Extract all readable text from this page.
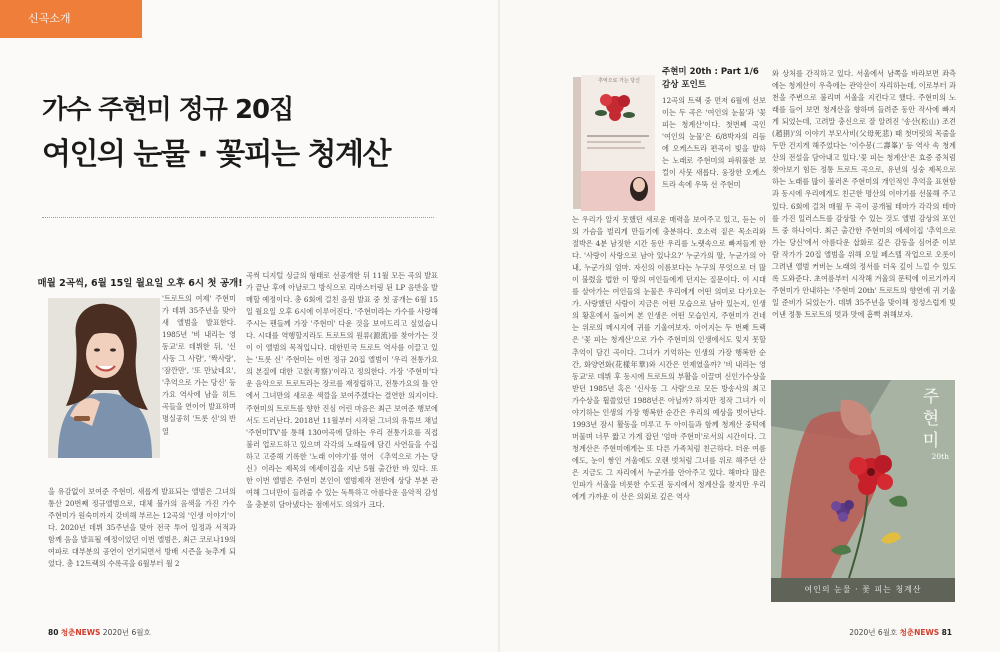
신곡소개
가수 주현미 정규 20집
여인의 눈물 · 꽃피는 청계산
매월 2곡씩, 6월 15일 월요일 오후 6시 첫 공개!
'트로트의 여제' 주현미가 데뷔 35주년을 맞아 새 앨범을 발표한다. 1985년 '비 내리는 영동교'로 데뷔한 뒤, '신사동 그 사람', '짝사랑', '잠깐만', '또 만났네요', '추억으로 가는 당신' 등 가요 역사에 남을 히트곡들을 연이어 발표하며 명실공히 '트롯 신'의 반열
을 유감없이 보여준 주현미. 새롭게 발표되는 앨범은 그녀의 통산 20번째 정규앨범으로, 대체 불가의 음색을 가진 가수 주현미가 원숙미까지 갖비해 부르는 12곡의 '인생 이야기'이다. 2020년 데뷔 35주년을 맞아 전국 투어 일정과 서적과 함께 음을 발표될 예정이었던 이번 앨범은, 최근 코로나19의 여파로 대부분의 공연이 연기되면서 방배 시즌을 늦추게 되었다. 총 12트랙의 수록곡을 6월부터 월 2
곡씩 디지털 싱글의 형태로 선공개한 뒤 11월 모든 곡의 발표가 끝난 후에 아날로그 방식으로 리마스터링 된 LP 음반을 발매할 예정이다. 총 6회에 걸친 음원 발표 중 첫 공개는 6월 15일 월요일 오후 6시에 이루어진다. '주현미라는 가수를 사랑해 주시는 팬들께 가장 '주현미' 다운 것을 보여드리고 싶었습니다. 시대를 역행할지라도 트로트의 원류(源流)를 찾아가는 것이 이 앨범의 목적입니다. 대한민국 트로트 역사를 이끌고 있는 '트롯 신' 주현미는 이번 정규 20집 앨범이 '우리 전통가요의 본질에 대한 고찰(考察)'이라고 정의한다. 가장 '주현미'다운 음악으로 트로트라는 장르를 재정립하고, 전통가요의 틀 안에서 그녀만의 새로운 색깔을 보여주겠다는 결연한 의지이다. 주현미의 트로트를 향한 진심 어린 마음은 최근 보여준 행보에서도 드러난다. 2018년 11월부터 시작된 그녀의 유튜브 채널 '주현미TV'를 통해 130여곡에 달하는 우리 전통가요를 직접 불러 업로드하고 있으며 각각의 노래들에 담긴 사연들을 수집하고 고증해 기록한 '노래 이야기'를 엮어 《추억으로 가는 당신》이라는 제목의 에세이집을 지난 5월 출간한 바 있다. 또한 이번 앨범은 주현미 본인이 앨범제작 전반에 상당 부분 관여해 그녀만이 들려줄 수 있는 독특하고 아름다운 음악적 감성을 충분히 담아냈다는 점에서도 의의가 크다.
80 청춘NEWS 2020년 6월호
추억으로 가는 당신
주현미 20th : Part 1/6 감상 포인트
12곡의 트랙 중 먼저 6월에 선보이는 두 곡은 '여인의 눈물'과 '꽃 피는 청계산'이다. 첫번째 곡인 '여인의 눈물'은 6/8박자의 리듬에 오케스트라 편곡이 빛을 발하는 노래로 주현미의 파워풀한 보컬이 사뭇 새롭다. 웅장한 오케스트라 속에 우뚝 선 주현미
는 우리가 알지 못했던 새로운 매력을 보여주고 있고, 듣는 이의 가슴을 벌리게 만들기에 충분하다. 호소력 짙은 목소리와 절박은 4분 남짓한 시간 동안 우리를 노랫속으로 빠져들게 한다. '사랑이 사랑으로 남아 있나요?' 누군가의 딸, 누군가의 아내, 누군가의 엄마. 자신의 이름보다는 누구의 무엇으로 더 많이 불렸을 법한 이 땅의 여인들에게 던지는 질문이다. 이 시대를 살아가는 여인들의 눈물은 우리에게 어떤 의미로 다가오는가. 사랑했던 사람이 지금은 어떤 모습으로 남아 있는지, 인생의 황혼에서 돌이켜 본 인생은 어떤 모습인지, 주현미가 건네는 위로의 메시지에 귀를 기울여보자. 이어지는 두 번째 트랙은 '꽃 피는 청계산'으로 가수 주현미의 인생에서도 잊지 못할 추억이 담긴 곡이다. 그녀가 기억하는 인생의 가장 행복한 순간, 화양연화(花樣年華)와 시간은 언제였을까? '비 내리는 영동교'로 데뷔 후 동시에 트로트의 부활을 이끌며 신인가수상을 받던 1985년 혹은 '신사동 그 사람'으로 모든 방송사의 최고 가수상을 휩쓸었던 1988년은 아닐까? 하지만 정작 그녀가 이야기하는 인생의 가장 행복한 순간은 우리의 예상을 벗어난다. 1993년 잠시 활동을 미루고 두 아이들과 함께 청계산 중턱에 머물며 너무 짧고 가게 잡던 '엄마 주현미'로서의 시간이다. 그 청계산은 주현미에게는 또 다른 가족처럼 친근하다. 더운 여름에도, 눈이 쌓인 겨울에도 오랜 벗처럼 그녀를 위로 해주던 산은 지금도 그 자리에서 누군가를 안아주고 있다. 해마다 많은 인파가 서울을 비롯한 수도권 등지에서 청계산을 찾지만 우리에게 가까운 이 산은 의외로 깊은 역사
와 상처를 간직하고 있다. 서울에서 남쪽을 바라보면 좌측에는 청계산이 우측에는 관악산이 자리하는데, 이로부터 과천을 주변으로 불리며 서울을 지킨다고 했다. 주현미의 노래를 들어 보면 청계산을 향하며 들려준 동안 작사에 빠지게 되었는데, 고려말 충신으로 잘 알려진 '송산(松山) 조견(趙狷)'의 이야기 부모사비(父母死悲) 때 첫머릿의 목줄을 두만 건지게 해주었다는 '이수봉(二壽峯)' 등 역사 속 청계산의 전설을 담아내고 있다.'꽃 피는 청계산'은 효증 증처럼 찾아보기 힘든 정통 트로트 곡으로, 유년의 싱숭 제목으로 하는 노래를 많이 불러온 주현미의 개인적인 추억을 표현함과 동시에 우리에게도 친근한 명산의 이야기를 선물해 주고 있다. 6회에 걸쳐 매월 두 곡이 공개될 테마가 각각의 테마를 가진 일러스트를 감상할 수 있는 것도 앨범 감상의 포인트 중 하나이다. 최근 출간한 주현미의 에세이집 '추억으로 가는 당신'에서 아름다운 삽화로 깊은 감동을 심어준 이보람 작가가 20집 앨범을 위해 오일 페스텔 작업으로 오롯이 그려낸 앨범 커버는 노래의 정서를 더욱 깊이 느낄 수 있도록 도와준다. 초여름부터 시작해 겨울의 문턱에 이르기까지 주현미가 안내하는 '주현미 20th' 트로트의 향연에 귀 기울일 준비가 되었는가. 데뷔 35주년을 맞이해 정성스럽게 빚어낸 정통 트로트의 멋과 맛에 흠뻑 취해보자.
주현미
20th
여인의 눈물 · 꽃 피는 청계산
2020년 6월호 청춘NEWS 81
